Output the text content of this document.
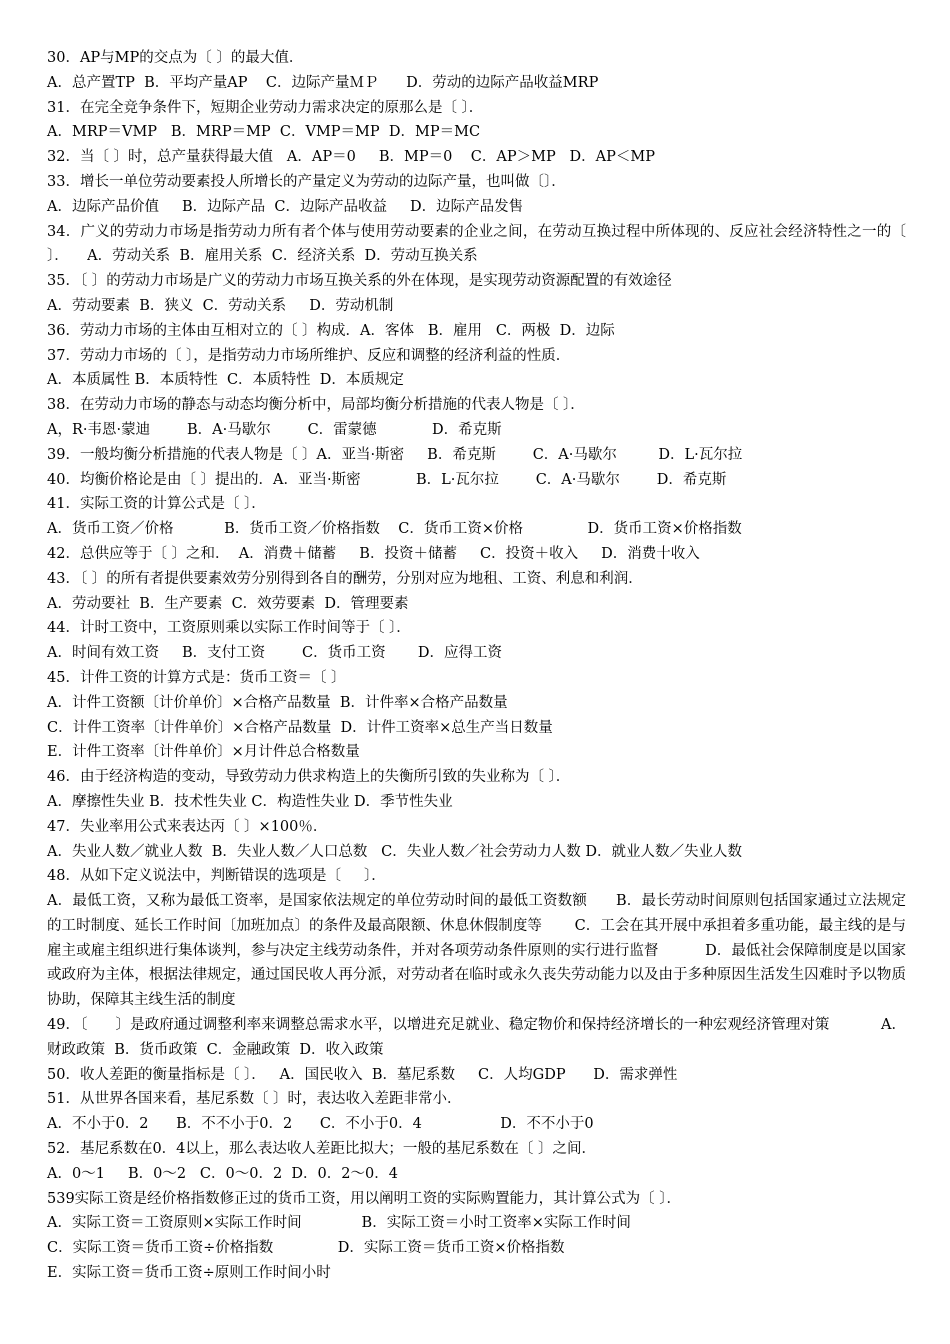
30．AP与MP的交点为〔 〕的最大值．
A．总产置TP  B．平均产量AP    C．边际产量ＭＰ      D．劳动的边际产品收益MRP
31．在完全竞争条件下，短期企业劳动力需求决定的原那么是〔 〕．
A．MRP＝VMP   B．MRP＝MP  C．VMP＝MP  D．MP＝MC
32．当〔 〕时，总产量获得最大值   A．AP＝0     B．MP＝0    C．AP＞MP   D．AP＜MP
33．增长一单位劳动要素投人所增长的产量定义为劳动的边际产量，也叫做〔〕．
A．边际产品价值     B．边际产品  C．边际产品收益     D．边际产品发售
34．广义的劳动力市场是指劳动力所有者个体与使用劳动要素的企业之间，在劳动互换过程中所体现的、反应社会经济特性之一的〔 〕．    A．劳动关系  B．雇用关系  C．经济关系  D．劳动互换关系
35．〔 〕的劳动力市场是广义的劳动力市场互换关系的外在体现，是实现劳动资源配置的有效途径
A．劳动要素  B．狭义  C．劳动关系     D．劳动机制
36．劳动力市场的主体由互相对立的〔 〕构成．A．客体   B．雇用   C．两极  D．边际
37．劳动力市场的〔 〕，是指劳动力市场所维护、反应和调整的经济利益的性质．
A．本质属性 B．本质特性  C．本质特性  D．本质规定
38．在劳动力市场的静态与动态均衡分析中，局部均衡分析措施的代表人物是〔 〕．
A，R·韦恩·蒙迪        B．A·马歇尔        C．雷蒙德            D．希克斯
39．一般均衡分析措施的代表人物是〔 〕A．亚当·斯密     B．希克斯        C．A·马歇尔         D．L·瓦尔拉
40．均衡价格论是由〔 〕提出的．A．亚当·斯密            B．L·瓦尔拉        C．A·马歇尔        D．希克斯
41．实际工资的计算公式是〔 〕．
A．货币工资／价格           B．货币工资／价格指数    C．货币工资×价格              D．货币工资×价格指数
42．总供应等于〔 〕之和．  A．消费＋储蓄     B．投资＋储蓄     C．投资＋收入     D．消费十收入
43．〔 〕的所有者提供要素效劳分别得到各自的酬劳，分别对应为地租、工资、利息和利润．
A．劳动要社  B．生产要素  C．效劳要素  D．管理要素
44．计时工资中，工资原则乘以实际工作时间等于〔 〕．
A．时间有效工资     B．支付工资        C．货币工资       D．应得工资
45．计件工资的计算方式是：货币工资＝〔 〕
A．计件工资额〔计价单价〕×合格产品数量  B．计件率×合格产品数量
C．计件工资率〔计件单价〕×合格产品数量  D．计件工资率×总生产当日数量
E．计件工资率〔计件单价〕×月计件总合格数量
46．由于经济构造的变动，导致劳动力供求构造上的失衡所引致的失业称为〔 〕．
A．摩擦性失业 B．技术性失业 C．构造性失业 D．季节性失业
47．失业率用公式来表达丙〔 〕×100％．
A．失业人数／就业人数  B．失业人数／人口总数   C．失业人数／社会劳动力人数 D．就业人数／失业人数
48．从如下定义说法中，判断错误的选项是〔     〕．
A．最低工资，又称为最低工资率，是国家依法规定的单位劳动时间的最低工资数额      B．最长劳动时间原则包括国家通过立法规定的工时制度、延长工作时间〔加班加点〕的条件及最高限额、休息休假制度等       C．工会在其开展中承担着多重功能，最主线的是与雇主或雇主组织进行集体谈判，参与决定主线劳动条件，并对各项劳动条件原则的实行进行监督          D．最低社会保障制度是以国家或政府为主体，根据法律规定，通过国民收人再分派，对劳动者在临时或永久丧失劳动能力以及由于多种原因生活发生囚难时予以物质协助，保障其主线生活的制度
49．〔      〕是政府通过调整利率来调整总需求水平，以增进充足就业、稳定物价和保持经济增长的一种宏观经济管理对策           A．财政政策  B．货币政策  C．金融政策  D．收入政策
50．收人差距的衡量指标是〔 〕．   A．国民收入  B．墓尼系数     C．人均GDP      D．需求弹性
51．从世界各国来看，基尼系数〔 〕时，表达收入差距非常小．
A．不小于0．2      B．不不小于0．2      C．不小于0．4                 D．不不小于0
52．基尼系数在0．4以上，那么表达收人差距比拟大；一般的基尼系数在〔 〕之间．
A．0～1     B．0～2   C．0～0．2  D．0．2～0．4
539实际工资是经价格指数修正过的货币工资，用以阐明工资的实际购置能力，其计算公式为〔 〕．
A．实际工资＝工资原则×实际工作时间             B．实际工资＝小时工资率×实际工作时间
C．实际工资＝货币工资÷价格指数              D．实际工资＝货币工资×价格指数
E．实际工资＝货币工资÷原则工作时间小时
